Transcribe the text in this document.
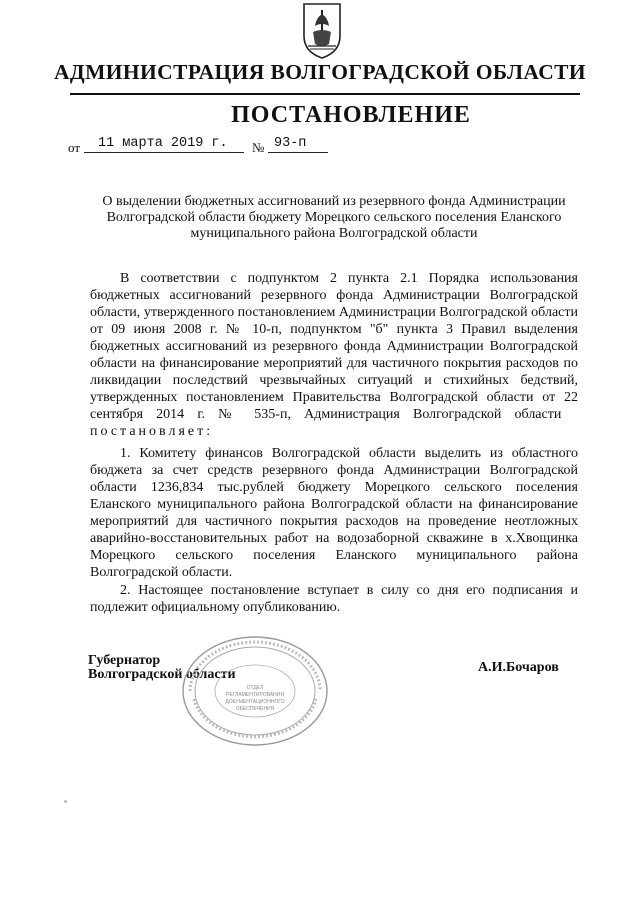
АДМИНИСТРАЦИЯ ВОЛГОГРАДСКОЙ ОБЛАСТИ
ПОСТАНОВЛЕНИЕ
от	11 марта 2019 г.	№ 93-п
О выделении бюджетных ассигнований из резервного фонда Администрации Волгоградской области бюджету Морецкого сельского поселения Еланского муниципального района Волгоградской области

В соответствии с подпунктом 2 пункта 2.1 Порядка использования бюджетных ассигнований резервного фонда Администрации Волгоградской области, утвержденного постановлением Администрации Волгоградской области от 09 июня 2008 г. № 10-п, подпунктом "б" пункта 3 Правил выделения бюджетных ассигнований из резервного фонда Администрации Волгоградской области на финансирование мероприятий для частичного покрытия расходов по ликвидации последствий чрезвычайных ситуаций и стихийных бедствий, утвержденных постановлением Правительства Волгоградской области от 22 сентября 2014 г. № 535-п, Администрация Волгоградской области   постановляет:

1. Комитету финансов Волгоградской области выделить из областного бюджета за счет средств резервного фонда Администрации Волгоградской области 1236,834 тыс.рублей бюджету Морецкого сельского поселения Еланского муниципального района Волгоградской области на финансирование мероприятий для частичного покрытия расходов на проведение неотложных аварийно-восстановительных работ на водозаборной скважине в х.Хвощинка Морецкого сельского поселения Еланского муниципального района Волгоградской области.

2. Настоящее постановление вступает в силу со дня его подписания и подлежит официальному опубликованию.

Губернатор
Волгоградской области	А.И.Бочаров
ОТДЕЛ
РЕГЛАМЕНТИРОВАНИЯ
ДОКУМЕНТАЦИОННОГО
ОБЕСПЕЧЕНИЯ
